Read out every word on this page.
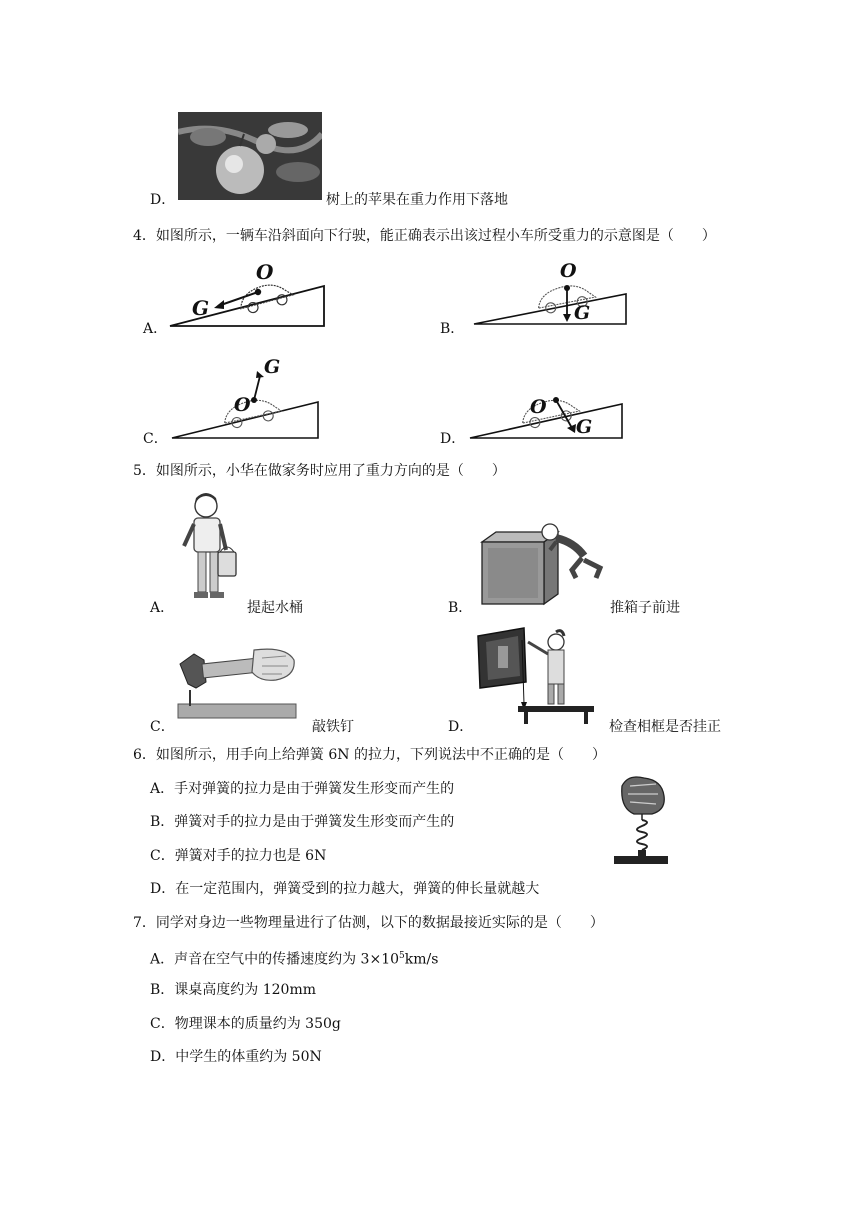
D．	树上的苹果在重力作用下落地
4．如图所示，一辆车沿斜面向下行驶，能正确表示出该过程小车所受重力的示意图是（　　）
A．
G
O
B．
O
G
C．
G
O
D．
O
G
5．如图所示，小华在做家务时应用了重力方向的是（　　）
A．	提起水桶	B．	推箱子前进
C．	敲铁钉	D．	检查相框是否挂正
6．如图所示，用手向上给弹簧 6N 的拉力，下列说法中不正确的是（　　）
A．手对弹簧的拉力是由于弹簧发生形变而产生的
B．弹簧对手的拉力是由于弹簧发生形变而产生的
C．弹簧对手的拉力也是 6N
D．在一定范围内，弹簧受到的拉力越大，弹簧的伸长量就越大
7．同学对身边一些物理量进行了估测，以下的数据最接近实际的是（　　）
A．声音在空气中的传播速度约为 $3\times 10^5km/s$
B．课桌高度约为 120mm
C．物理课本的质量约为 350g
D．中学生的体重约为 50N
